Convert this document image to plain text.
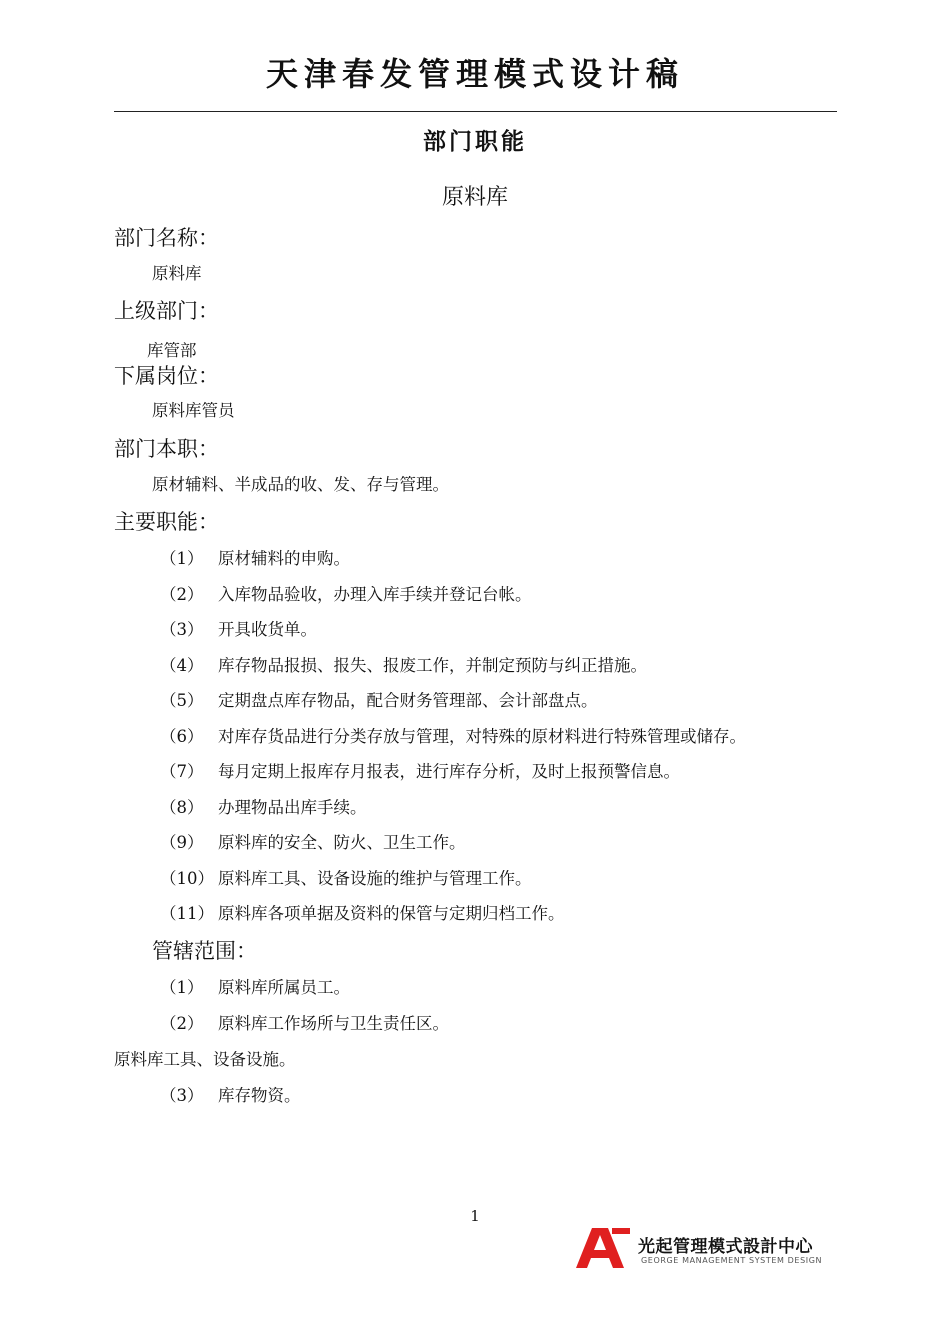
天津春发管理模式设计稿
部门职能
原料库
部门名称：
原料库
上级部门：
库管部
下属岗位：
原料库管员
部门本职：
原材辅料、半成品的收、发、存与管理。
主要职能：
（1） 原材辅料的申购。
（2） 入库物品验收，办理入库手续并登记台帐。
（3） 开具收货单。
（4） 库存物品报损、报失、报废工作，并制定预防与纠正措施。
（5） 定期盘点库存物品，配合财务管理部、会计部盘点。
（6） 对库存货品进行分类存放与管理，对特殊的原材料进行特殊管理或储存。
（7） 每月定期上报库存月报表，进行库存分析，及时上报预警信息。
（8） 办理物品出库手续。
（9） 原料库的安全、防火、卫生工作。
（10） 原料库工具、设备设施的维护与管理工作。
（11） 原料库各项单据及资料的保管与定期归档工作。
管辖范围：
（1） 原料库所属员工。
（2） 原料库工作场所与卫生责任区。
原料库工具、设备设施。
（3） 库存物资。
1
光起管理模式設計中心
GEORGE MANAGEMENT SYSTEM DESIGN
